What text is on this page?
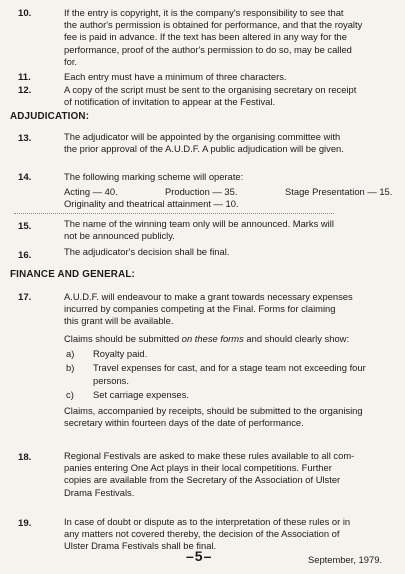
10.	If the entry is copyright, it is the company's responsibility to see that
the author's permission is obtained for performance, and that the royalty
fee is paid in advance. If the text has been altered in any way for the
performance, proof of the author's permission to do so, may be called
for.
11.	Each entry must have a minimum of three characters.
12.	A copy of the script must be sent to the organising secretary on receipt
of notification of invitation to appear at the Festival.
ADJUDICATION:
13.	The adjudicator will be appointed by the organising committee with
the prior approval of the A.U.D.F. A public adjudication will be given.
14.	The following marking scheme will operate:
Acting — 40.	Production — 35.	Stage Presentation — 15.
Originality and theatrical attainment — 10.
15.	The name of the winning team only will be announced. Marks will
not be announced publicly.
16.	The adjudicator's decision shall be final.
FINANCE AND GENERAL:
17.	A.U.D.F. will endeavour to make a grant towards necessary expenses
incurred by companies competing at the Final. Forms for claiming
this grant will be available.
Claims should be submitted on these forms and should clearly show:
a) Royalty paid.
b) Travel expenses for cast, and for a stage team not exceeding four
persons.
c) Set carriage expenses.
Claims, accompanied by receipts, should be submitted to the organising
secretary within fourteen days of the date of performance.
18.	Regional Festivals are asked to make these rules available to all com-
panies entering One Act plays in their local competitions. Further
copies are available from the Secretary of the Association of Ulster
Drama Festivals.
19.	In case of doubt or dispute as to the interpretation of these rules or in
any matters not covered thereby, the decision of the Association of
Ulster Drama Festivals shall be final.
–5–	September, 1979.
